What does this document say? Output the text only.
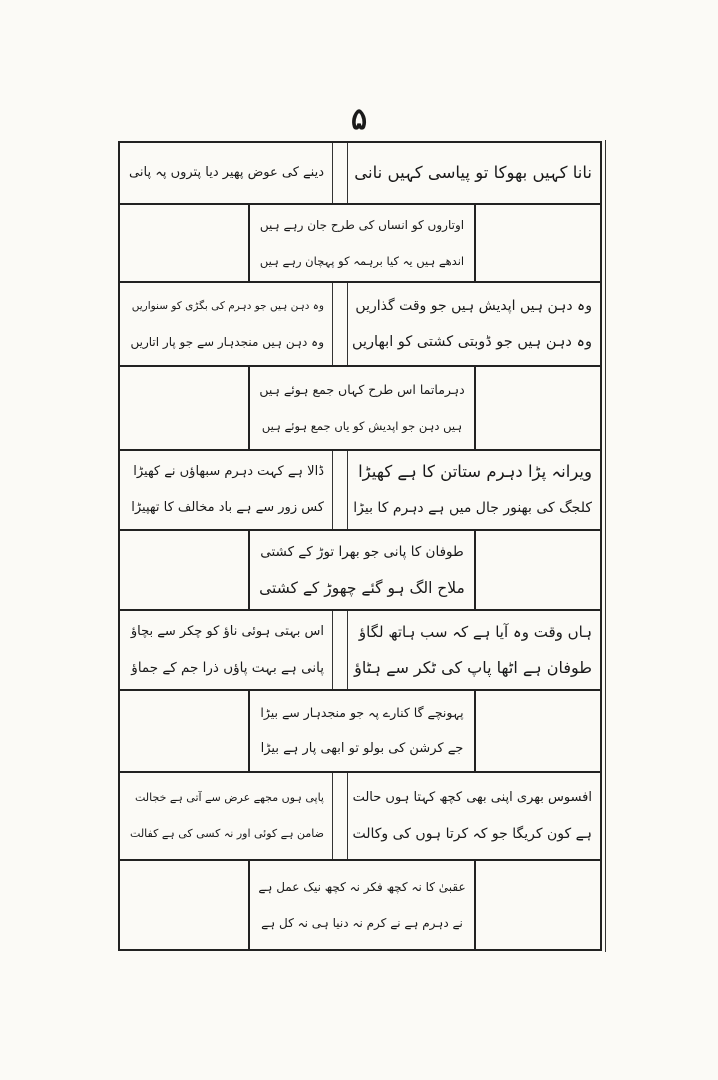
۵
نانا کہیں بھوکا تو پیاسی کہیں نانی
دینے کی عوض پھیر دیا پتروں پہ پانی
اوتاروں کو انساں کی طرح جان رہے ہیں
اندھے ہیں یہ کیا برہمہ کو پہچان رہے ہیں
وہ دہن ہیں اپدیش ہیں جو وقت گذاریں
وہ دہن ہیں جو ڈوبتی کشتی کو ابھاریں
وہ دہن ہیں جو دہرم کی بگڑی کو سنواریں
وہ دہن ہیں منجدہار سے جو پار اتاریں
دہرماتما اس طرح کہاں جمع ہوئے ہیں
ہیں دہن جو اپدیش کو یاں جمع ہوئے ہیں
ویرانہ پڑا دہرم ستاتن کا ہے کھیڑا
کلجگ کی بھنور جال میں ہے دہرم کا بیڑا
ڈالا ہے کہت دہرم سبھاؤں نے کھیڑا
کس زور سے ہے باد مخالف کا تھپیڑا
طوفان کا پانی جو بھرا توڑ کے کشتی
ملاح الگ ہو گئے چھوڑ کے کشتی
ہاں وقت وہ آیا ہے کہ سب ہاتھ لگاؤ
طوفان ہے اٹھا پاپ کی ٹکر سے ہٹاؤ
اس بہتی ہوئی ناؤ کو چکر سے بچاؤ
پانی ہے بہت پاؤں ذرا جم کے جماؤ
پہونچے گا کنارے پہ جو منجدہار سے بیڑا
جے کرشن کی بولو تو ابھی پار ہے بیڑا
افسوس بھری اپنی بھی کچھ کہتا ہوں حالت
ہے کون کریگا جو کہ کرتا ہوں کی وکالت
پاپی ہوں مجھے عرض سے آتی ہے خجالت
ضامن ہے کوئی اور نہ کسی کی ہے کفالت
عقبیٰ کا نہ کچھ فکر نہ کچھ نیک عمل ہے
نے دہرم ہے نے کرم نہ دنیا ہی نہ کل ہے
